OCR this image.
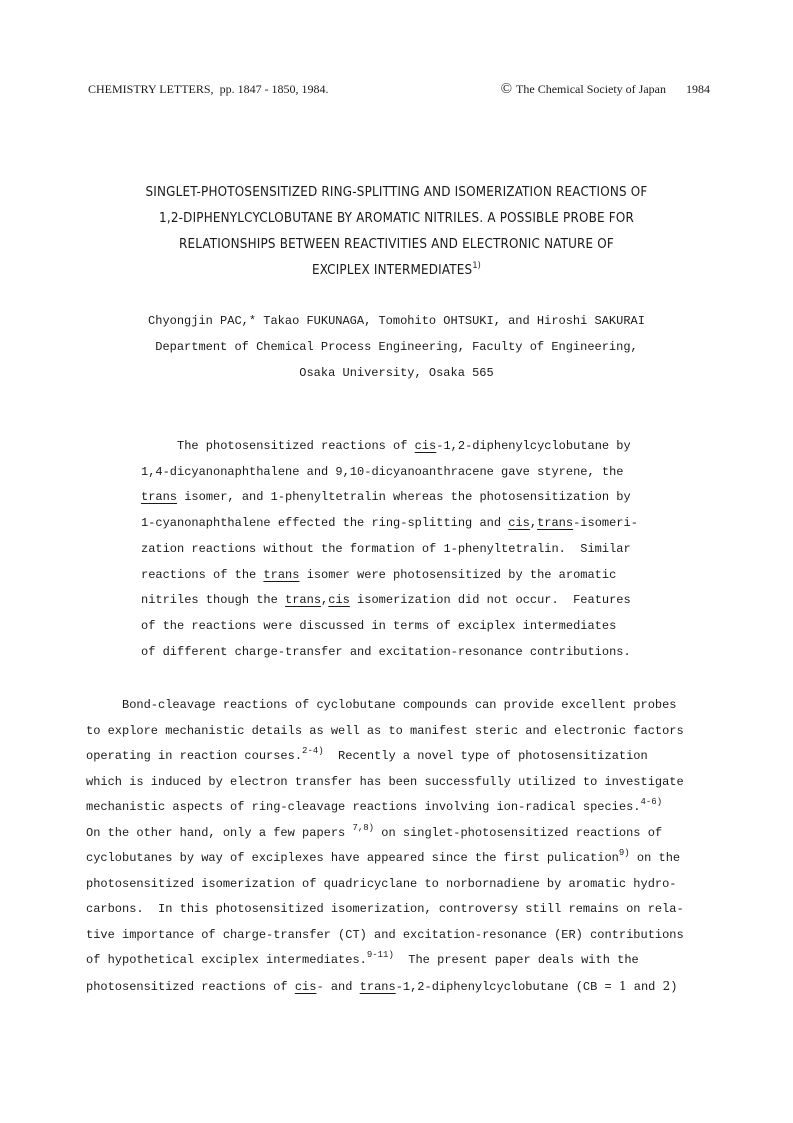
CHEMISTRY LETTERS, pp. 1847 - 1850, 1984.	© The Chemical Society of Japan 1984
SINGLET-PHOTOSENSITIZED RING-SPLITTING AND ISOMERIZATION REACTIONS OF
1,2-DIPHENYLCYCLOBUTANE BY AROMATIC NITRILES. A POSSIBLE PROBE FOR
RELATIONSHIPS BETWEEN REACTIVITIES AND ELECTRONIC NATURE OF
EXCIPLEX INTERMEDIATES$^{1)}$
Chyongjin PAC,* Takao FUKUNAGA, Tomohito OHTSUKI, and Hiroshi SAKURAI
Department of Chemical Process Engineering, Faculty of Engineering,
Osaka University, Osaka 565
The photosensitized reactions of cis-1,2-diphenylcyclobutane by
1,4-dicyanonaphthalene and 9,10-dicyanoanthracene gave styrene, the
trans isomer, and 1-phenyltetralin whereas the photosensitization by
1-cyanonaphthalene effected the ring-splitting and cis,trans-isomeri-
zation reactions without the formation of 1-phenyltetralin.  Similar
reactions of the trans isomer were photosensitized by the aromatic
nitriles though the trans,cis isomerization did not occur.  Features
of the reactions were discussed in terms of exciplex intermediates
of different charge-transfer and excitation-resonance contributions.
Bond-cleavage reactions of cyclobutane compounds can provide excellent probes
to explore mechanistic details as well as to manifest steric and electronic factors
operating in reaction courses.$^{2-4)}$  Recently a novel type of photosensitization
which is induced by electron transfer has been successfully utilized to investigate
mechanistic aspects of ring-cleavage reactions involving ion-radical species.$^{4-6)}$
On the other hand, only a few papers $^{7,8)}$ on singlet-photosensitized reactions of
cyclobutanes by way of exciplexes have appeared since the first pulication$^{9)}$ on the
photosensitized isomerization of quadricyclane to norbornadiene by aromatic hydro-
carbons.  In this photosensitized isomerization, controversy still remains on rela-
tive importance of charge-transfer (CT) and excitation-resonance (ER) contributions
of hypothetical exciplex intermediates.$^{9-11)}$  The present paper deals with the
photosensitized reactions of cis- and trans-1,2-diphenylcyclobutane (CB = 1 and 2)
